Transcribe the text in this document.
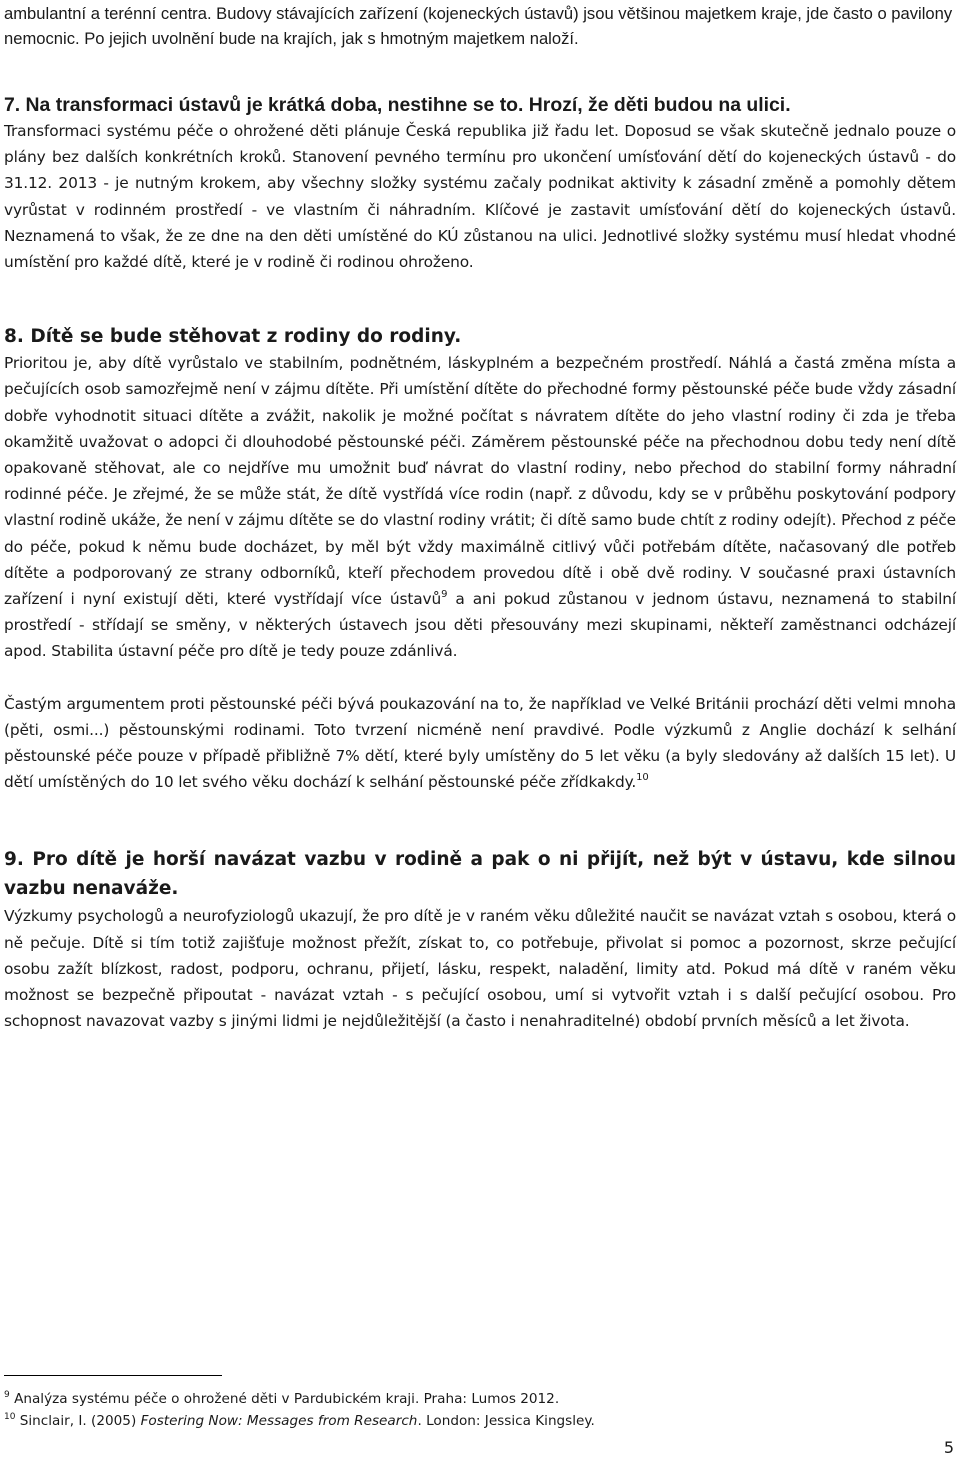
ambulantní a terénní centra. Budovy stávajících zařízení (kojeneckých ústavů) jsou většinou majetkem kraje, jde často o pavilony nemocnic. Po jejich uvolnění bude na krajích, jak s hmotným majetkem naloží.

7. Na transformaci ústavů je krátká doba, nestihne se to. Hrozí, že děti budou na ulici.

Transformaci systému péče o ohrožené děti plánuje Česká republika již řadu let. Doposud se však skutečně jednalo pouze o plány bez dalších konkrétních kroků. Stanovení pevného termínu pro ukončení umísťování dětí do kojeneckých ústavů - do 31.12. 2013 - je nutným krokem, aby všechny složky systému začaly podnikat aktivity k zásadní změně a pomohly dětem vyrůstat v rodinném prostředí - ve vlastním či náhradním. Klíčové je zastavit umísťování dětí do kojeneckých ústavů. Neznamená to však, že ze dne na den děti umístěné do KÚ zůstanou na ulici. Jednotlivé složky systému musí hledat vhodné umístění pro každé dítě, které je v rodině či rodinou ohroženo.

8. Dítě se bude stěhovat z rodiny do rodiny.

Prioritou je, aby dítě vyrůstalo ve stabilním, podnětném, láskyplném a bezpečném prostředí. Náhlá a častá změna místa a pečujících osob samozřejmě není v zájmu dítěte. Při umístění dítěte do přechodné formy pěstounské péče bude vždy zásadní dobře vyhodnotit situaci dítěte a zvážit, nakolik je možné počítat s návratem dítěte do jeho vlastní rodiny či zda je třeba okamžitě uvažovat o adopci či dlouhodobé pěstounské péči. Záměrem pěstounské péče na přechodnou dobu tedy není dítě opakovaně stěhovat, ale co nejdříve mu umožnit buď návrat do vlastní rodiny, nebo přechod do stabilní formy náhradní rodinné péče. Je zřejmé, že se může stát, že dítě vystřídá více rodin (např. z důvodu, kdy se v průběhu poskytování podpory vlastní rodině ukáže, že není v zájmu dítěte se do vlastní rodiny vrátit; či dítě samo bude chtít z rodiny odejít). Přechod z péče do péče, pokud k němu bude docházet, by měl být vždy maximálně citlivý vůči potřebám dítěte, načasovaný dle potřeb dítěte a podporovaný ze strany odborníků, kteří přechodem provedou dítě i obě dvě rodiny. V současné praxi ústavních zařízení i nyní existují děti, které vystřídají více ústavů$^9$ a ani pokud zůstanou v jednom ústavu, neznamená to stabilní prostředí - střídají se směny, v některých ústavech jsou děti přesouvány mezi skupinami, někteří zaměstnanci odcházejí apod. Stabilita ústavní péče pro dítě je tedy pouze zdánlivá.

Častým argumentem proti pěstounské péči bývá poukazování na to, že například ve Velké Británii prochází děti velmi mnoha (pěti, osmi...) pěstounskými rodinami. Toto tvrzení nicméně není pravdivé. Podle výzkumů z Anglie dochází k selhání pěstounské péče pouze v případě přibližně 7% dětí, které byly umístěny do 5 let věku (a byly sledovány až dalších 15 let). U dětí umístěných do 10 let svého věku dochází k selhání pěstounské péče zřídkakdy.$^{10}$

9. Pro dítě je horší navázat vazbu v rodině a pak o ni přijít, než být v ústavu, kde silnou vazbu nenaváže.

Výzkumy psychologů a neurofyziologů ukazují, že pro dítě je v raném věku důležité naučit se navázat vztah s osobou, která o ně pečuje. Dítě si tím totiž zajišťuje možnost přežít, získat to, co potřebuje, přivolat si pomoc a pozornost, skrze pečující osobu zažít blízkost, radost, podporu, ochranu, přijetí, lásku, respekt, naladění, limity atd. Pokud má dítě v raném věku možnost se bezpečně připoutat - navázat vztah - s pečující osobou, umí si vytvořit vztah i s další pečující osobou. Pro schopnost navazovat vazby s jinými lidmi je nejdůležitější (a často i nenahraditelné) období prvních měsíců a let života.

$^9$ Analýza systému péče o ohrožené děti v Pardubickém kraji. Praha: Lumos 2012.
$^{10}$ Sinclair, I. (2005) Fostering Now: Messages from Research. London: Jessica Kingsley.
5
